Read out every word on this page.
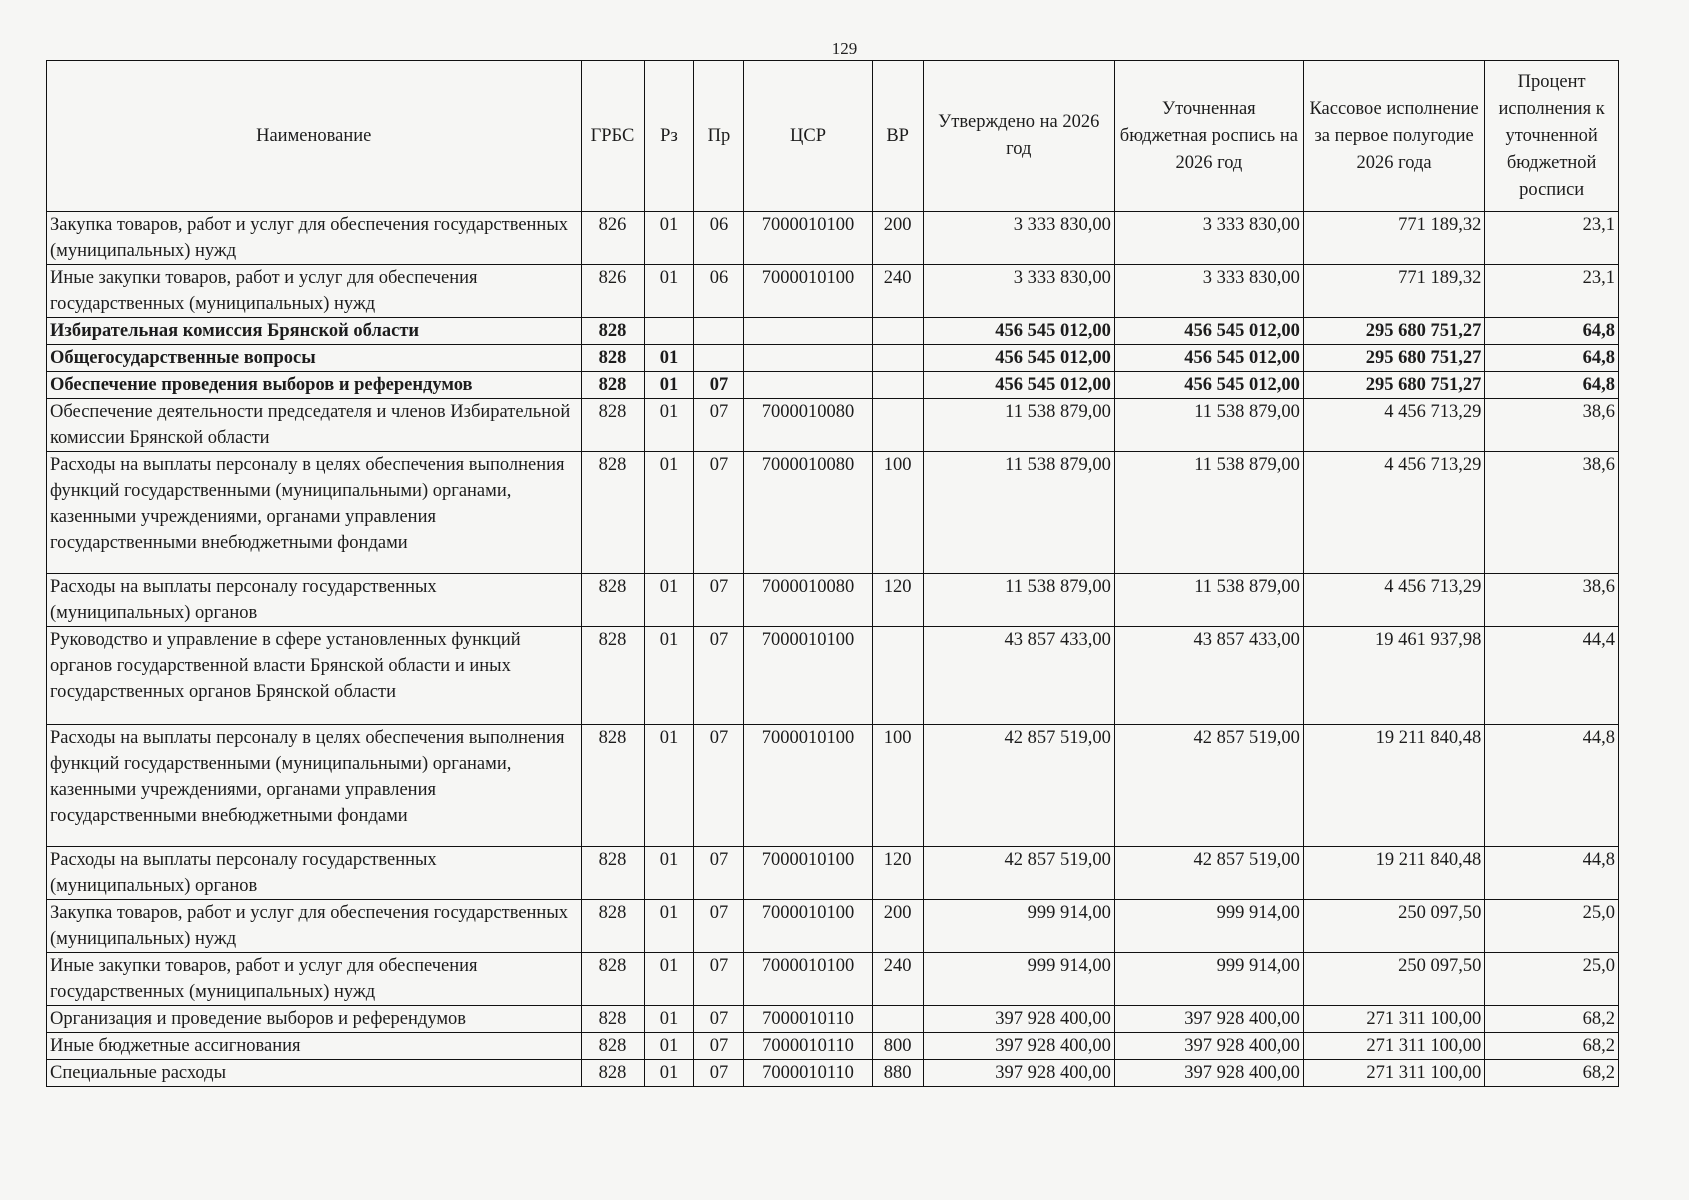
129
Наименование	ГРБС	Рз	Пр	ЦСР	ВР	Утверждено на 2026 год	Уточненная бюджетная роспись на 2026 год	Кассовое исполнение за первое полугодие 2026 года	Процент исполнения к уточненной бюджетной росписи
Закупка товаров, работ и услуг для обеспечения государственных (муниципальных) нужд	826	01	06	7000010100	200	3 333 830,00	3 333 830,00	771 189,32	23,1
Иные закупки товаров, работ и услуг для обеспечения государственных (муниципальных) нужд	826	01	06	7000010100	240	3 333 830,00	3 333 830,00	771 189,32	23,1
Избирательная комиссия Брянской области	828					456 545 012,00	456 545 012,00	295 680 751,27	64,8
Общегосударственные вопросы	828	01				456 545 012,00	456 545 012,00	295 680 751,27	64,8
Обеспечение проведения выборов и референдумов	828	01	07			456 545 012,00	456 545 012,00	295 680 751,27	64,8
Обеспечение деятельности председателя и членов Избирательной комиссии Брянской области	828	01	07	7000010080		11 538 879,00	11 538 879,00	4 456 713,29	38,6
Расходы на выплаты персоналу в целях обеспечения выполнения функций государственными (муниципальными) органами, казенными учреждениями, органами управления государственными внебюджетными фондами	828	01	07	7000010080	100	11 538 879,00	11 538 879,00	4 456 713,29	38,6
Расходы на выплаты персоналу государственных (муниципальных) органов	828	01	07	7000010080	120	11 538 879,00	11 538 879,00	4 456 713,29	38,6
Руководство и управление в сфере установленных функций органов государственной власти Брянской области и иных государственных органов Брянской области	828	01	07	7000010100		43 857 433,00	43 857 433,00	19 461 937,98	44,4
Расходы на выплаты персоналу в целях обеспечения выполнения функций государственными (муниципальными) органами, казенными учреждениями, органами управления государственными внебюджетными фондами	828	01	07	7000010100	100	42 857 519,00	42 857 519,00	19 211 840,48	44,8
Расходы на выплаты персоналу государственных (муниципальных) органов	828	01	07	7000010100	120	42 857 519,00	42 857 519,00	19 211 840,48	44,8
Закупка товаров, работ и услуг для обеспечения государственных (муниципальных) нужд	828	01	07	7000010100	200	999 914,00	999 914,00	250 097,50	25,0
Иные закупки товаров, работ и услуг для обеспечения государственных (муниципальных) нужд	828	01	07	7000010100	240	999 914,00	999 914,00	250 097,50	25,0
Организация и проведение выборов и референдумов	828	01	07	7000010110		397 928 400,00	397 928 400,00	271 311 100,00	68,2
Иные бюджетные ассигнования	828	01	07	7000010110	800	397 928 400,00	397 928 400,00	271 311 100,00	68,2
Специальные расходы	828	01	07	7000010110	880	397 928 400,00	397 928 400,00	271 311 100,00	68,2
